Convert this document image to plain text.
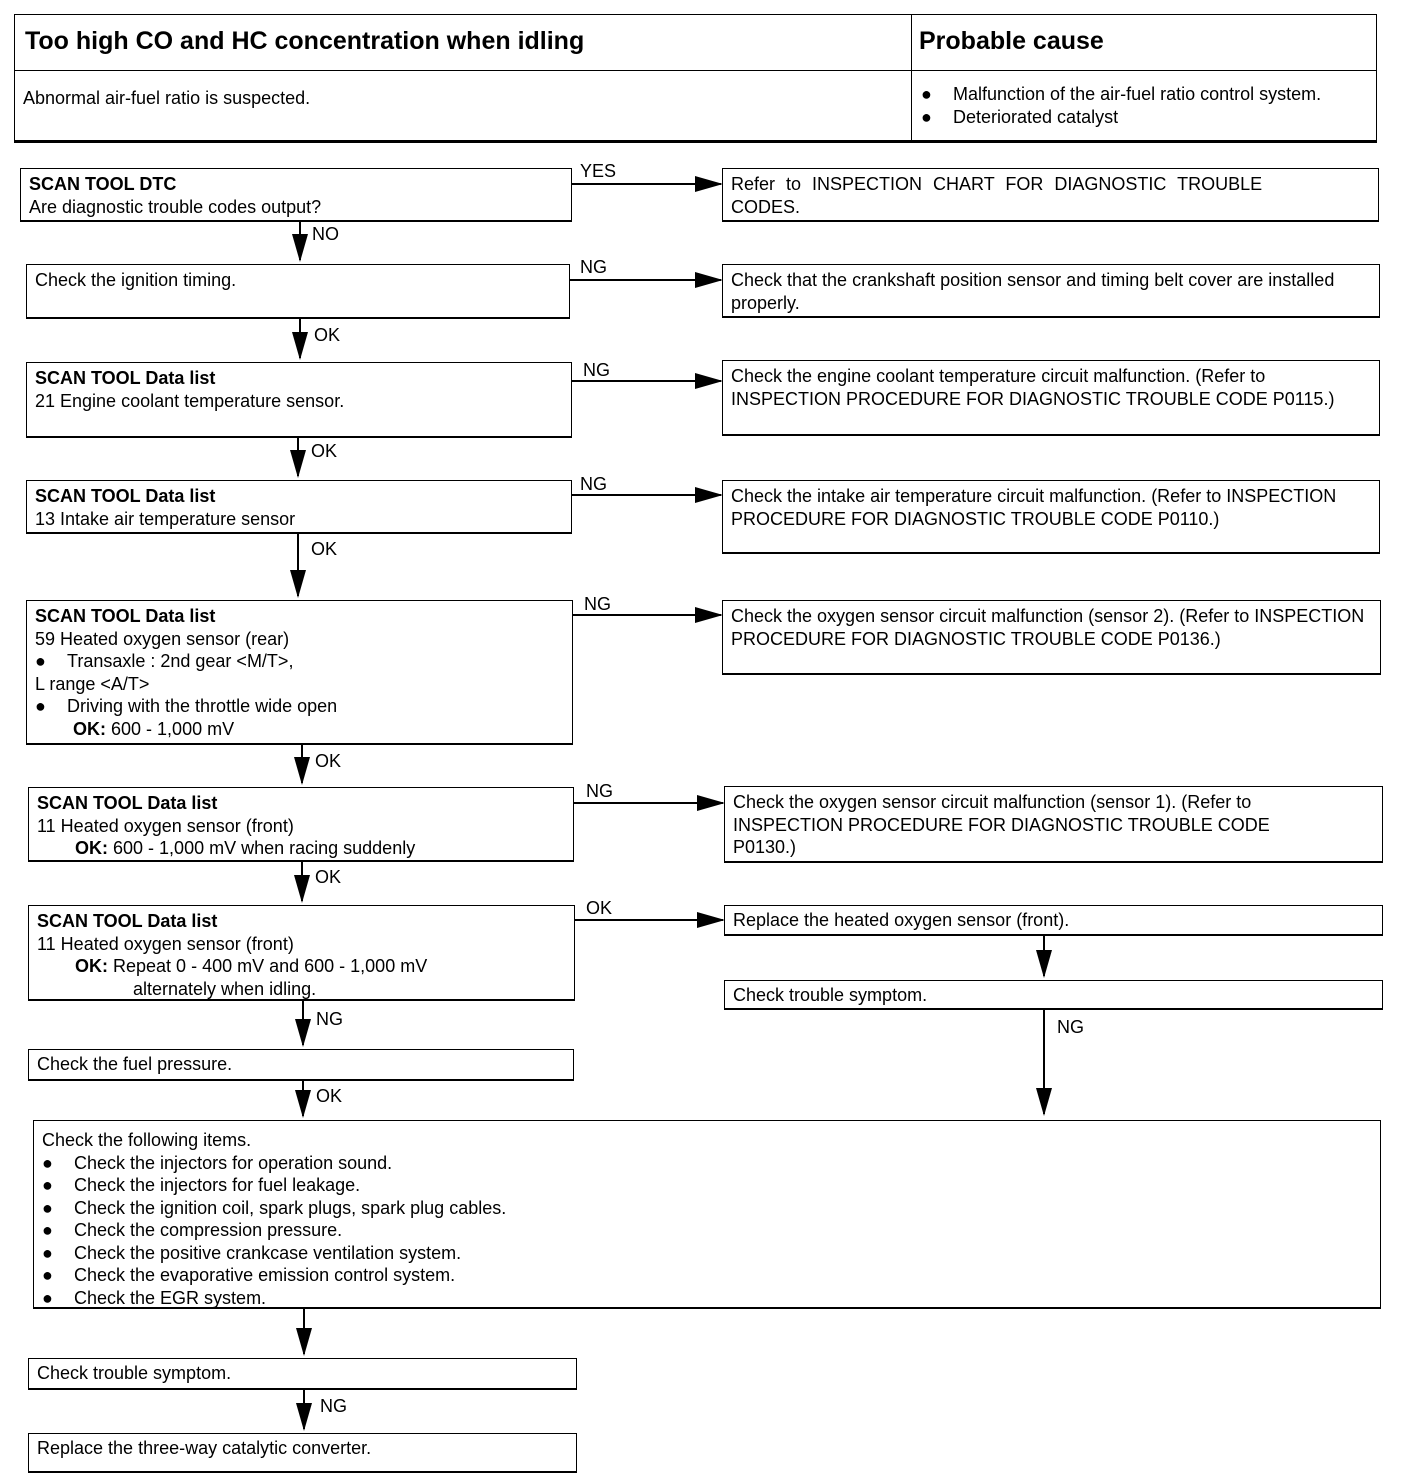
Too high CO and HC concentration when idling	Probable cause
Abnormal air-fuel ratio is suspected.	● Malfunction of the air-fuel ratio control system.
● Deteriorated catalyst
YES
NO
NG
OK
NG
OK
NG
OK
NG
OK
NG
OK
OK
NG	NG
OK
NG
SCAN TOOL DTC
Are diagnostic trouble codes output?
Check the ignition timing.
SCAN TOOL Data list
21 Engine coolant temperature sensor.
SCAN TOOL Data list
13 Intake air temperature sensor
SCAN TOOL Data list
59 Heated oxygen sensor (rear)
● Transaxle : 2nd gear <M/T>,
L range <A/T>
● Driving with the throttle wide open
OK: 600 - 1,000 mV
SCAN TOOL Data list
11 Heated oxygen sensor (front)
OK: 600 - 1,000 mV when racing suddenly
SCAN TOOL Data list
11 Heated oxygen sensor (front)
OK: Repeat 0 - 400 mV and 600 - 1,000 mV
alternately when idling.
Check the fuel pressure.
Check the following items.
● Check the injectors for operation sound.
● Check the injectors for fuel leakage.
● Check the ignition coil, spark plugs, spark plug cables.
● Check the compression pressure.
● Check the positive crankcase ventilation system.
● Check the evaporative emission control system.
● Check the EGR system.
Check trouble symptom.
Replace the three-way catalytic converter.
Refer to INSPECTION CHART FOR DIAGNOSTIC TROUBLE CODES.
Check that the crankshaft position sensor and timing belt cover are installed properly.
Check the engine coolant temperature circuit malfunction. (Refer to INSPECTION PROCEDURE FOR DIAGNOSTIC TROUBLE CODE P0115.)
Check the intake air temperature circuit malfunction. (Refer to INSPECTION PROCEDURE FOR DIAGNOSTIC TROUBLE CODE P0110.)
Check the oxygen sensor circuit malfunction (sensor 2). (Refer to INSPECTION PROCEDURE FOR DIAGNOSTIC TROUBLE CODE P0136.)
Check the oxygen sensor circuit malfunction (sensor 1). (Refer to INSPECTION PROCEDURE FOR DIAGNOSTIC TROUBLE CODE P0130.)
Replace the heated oxygen sensor (front).
Check trouble symptom.
